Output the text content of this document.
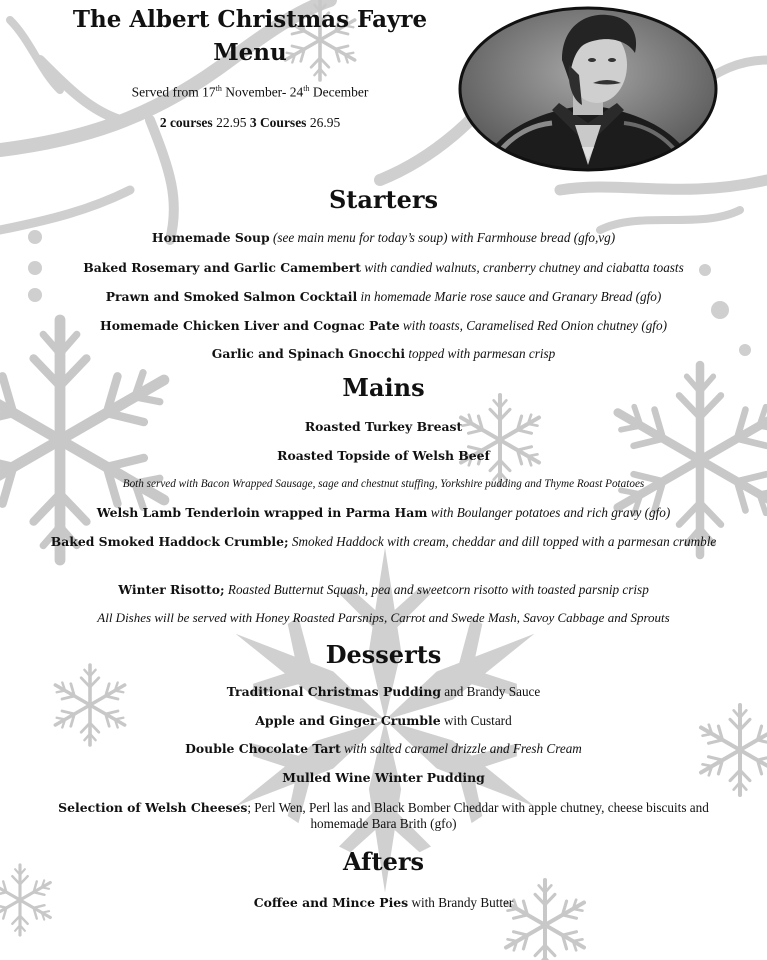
The Albert Christmas Fayre
Menu
Served from 17th November- 24th December
2 courses 22.95 3 Courses 26.95
Starters
Homemade Soup (see main menu for today’s soup) with Farmhouse bread (gfo,vg)
Baked Rosemary and Garlic Camembert with candied walnuts, cranberry chutney and ciabatta toasts
Prawn and Smoked Salmon Cocktail in homemade Marie rose sauce and Granary Bread (gfo)
Homemade Chicken Liver and Cognac Pate with toasts, Caramelised Red Onion chutney (gfo)
Garlic and Spinach Gnocchi topped with parmesan crisp
Mains
Roasted Turkey Breast
Roasted Topside of Welsh Beef
Both served with Bacon Wrapped Sausage, sage and chestnut stuffing, Yorkshire pudding and Thyme Roast Potatoes
Welsh Lamb Tenderloin wrapped in Parma Ham with Boulanger potatoes and rich gravy (gfo)
Baked Smoked Haddock Crumble; Smoked Haddock with cream, cheddar and dill topped with a parmesan crumble
Winter Risotto; Roasted Butternut Squash, pea and sweetcorn risotto with toasted parsnip crisp
All Dishes will be served with Honey Roasted Parsnips, Carrot and Swede Mash, Savoy Cabbage and Sprouts
Desserts
Traditional Christmas Pudding and Brandy Sauce
Apple and Ginger Crumble with Custard
Double Chocolate Tart with salted caramel drizzle and Fresh Cream
Mulled Wine Winter Pudding
Selection of Welsh Cheeses; Perl Wen, Perl las and Black Bomber Cheddar with apple chutney, cheese biscuits and homemade Bara Brith (gfo)
Afters
Coffee and Mince Pies with Brandy Butter
